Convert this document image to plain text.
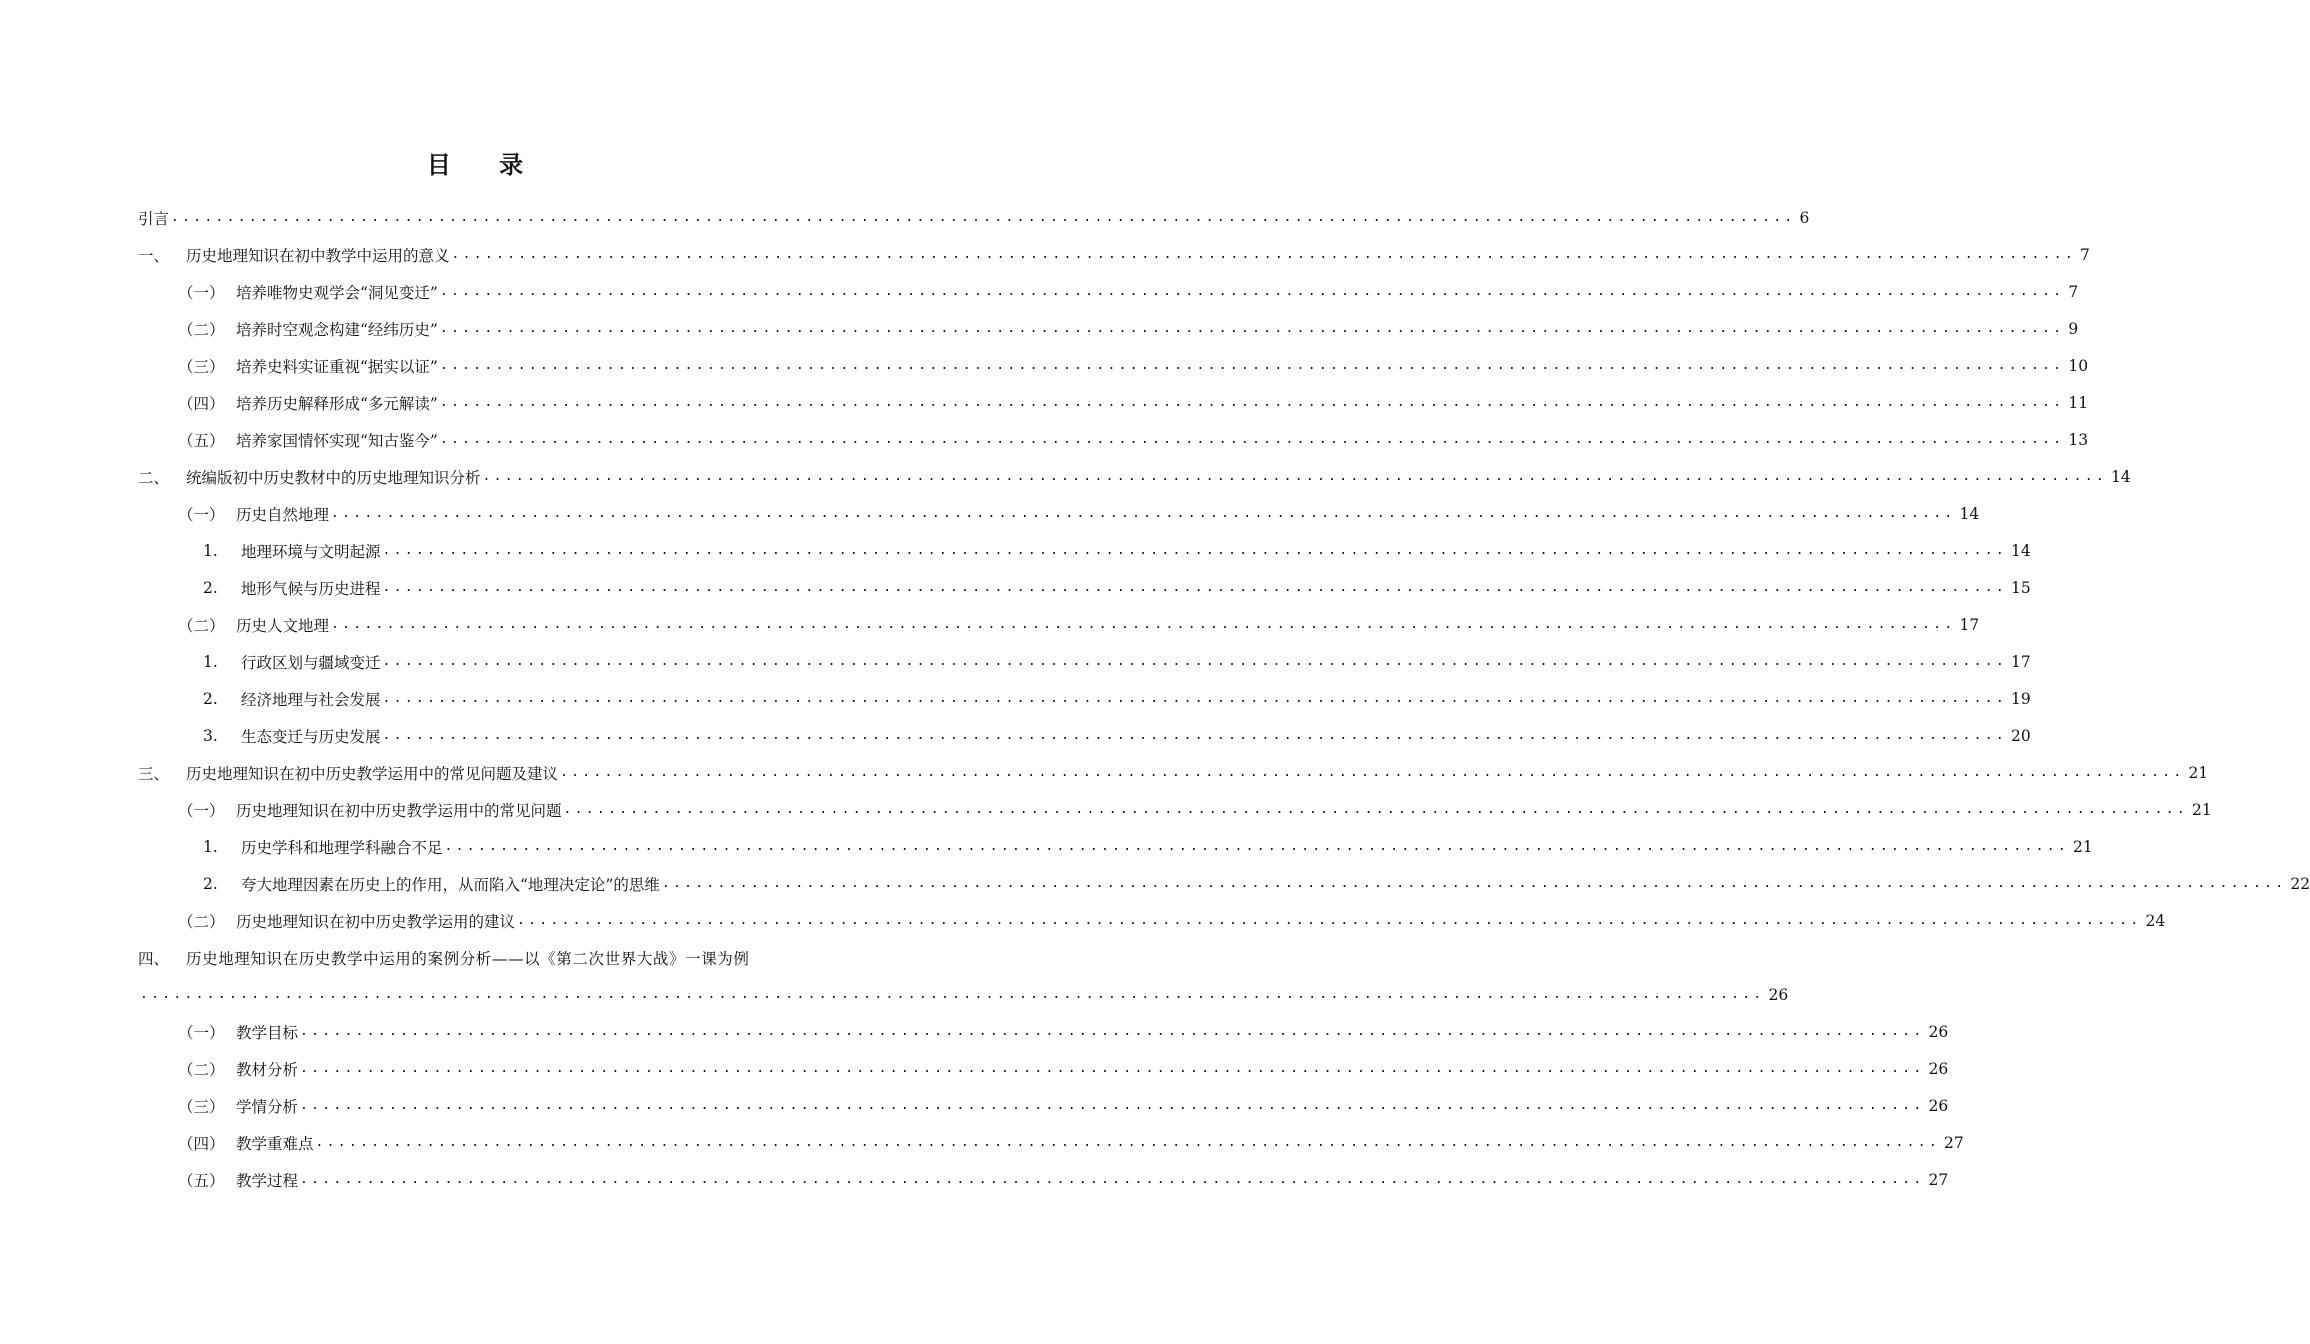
目 录
引言 .................................................................................................................................................. 6
一、	历史地理知识在初中教学中运用的意义 .................................................................................................................................................. 7
（一） 培养唯物史观学会“洞见变迁” .................................................................................................................................................. 7
（二） 培养时空观念构建“经纬历史” .................................................................................................................................................. 9
（三） 培养史料实证重视“据实以证” .................................................................................................................................................. 10
（四） 培养历史解释形成“多元解读” .................................................................................................................................................. 11
（五） 培养家国情怀实现“知古鉴今” .................................................................................................................................................. 13
二、	统编版初中历史教材中的历史地理知识分析 .................................................................................................................................................. 14
（一） 历史自然地理 .................................................................................................................................................. 14
1.	地理环境与文明起源 .................................................................................................................................................. 14
2.	地形气候与历史进程 .................................................................................................................................................. 15
（二） 历史人文地理 .................................................................................................................................................. 17
1.	行政区划与疆域变迁 .................................................................................................................................................. 17
2.	经济地理与社会发展 .................................................................................................................................................. 19
3.	生态变迁与历史发展 .................................................................................................................................................. 20
三、	历史地理知识在初中历史教学运用中的常见问题及建议 .................................................................................................................................................. 21
（一） 历史地理知识在初中历史教学运用中的常见问题 .................................................................................................................................................. 21
1.	历史学科和地理学科融合不足 .................................................................................................................................................. 21
2.	夸大地理因素在历史上的作用，从而陷入“地理决定论”的思维 .................................................................................................................................................. 22
（二） 历史地理知识在初中历史教学运用的建议 .................................................................................................................................................. 24
四、	历史地理知识在历史教学中运用的案例分析——以《第二次世界大战》一课为例
.................................................................................................................................................. 26
（一） 教学目标 .................................................................................................................................................. 26
（二） 教材分析 .................................................................................................................................................. 26
（三） 学情分析 .................................................................................................................................................. 26
（四） 教学重难点 .................................................................................................................................................. 27
（五） 教学过程 .................................................................................................................................................. 27
